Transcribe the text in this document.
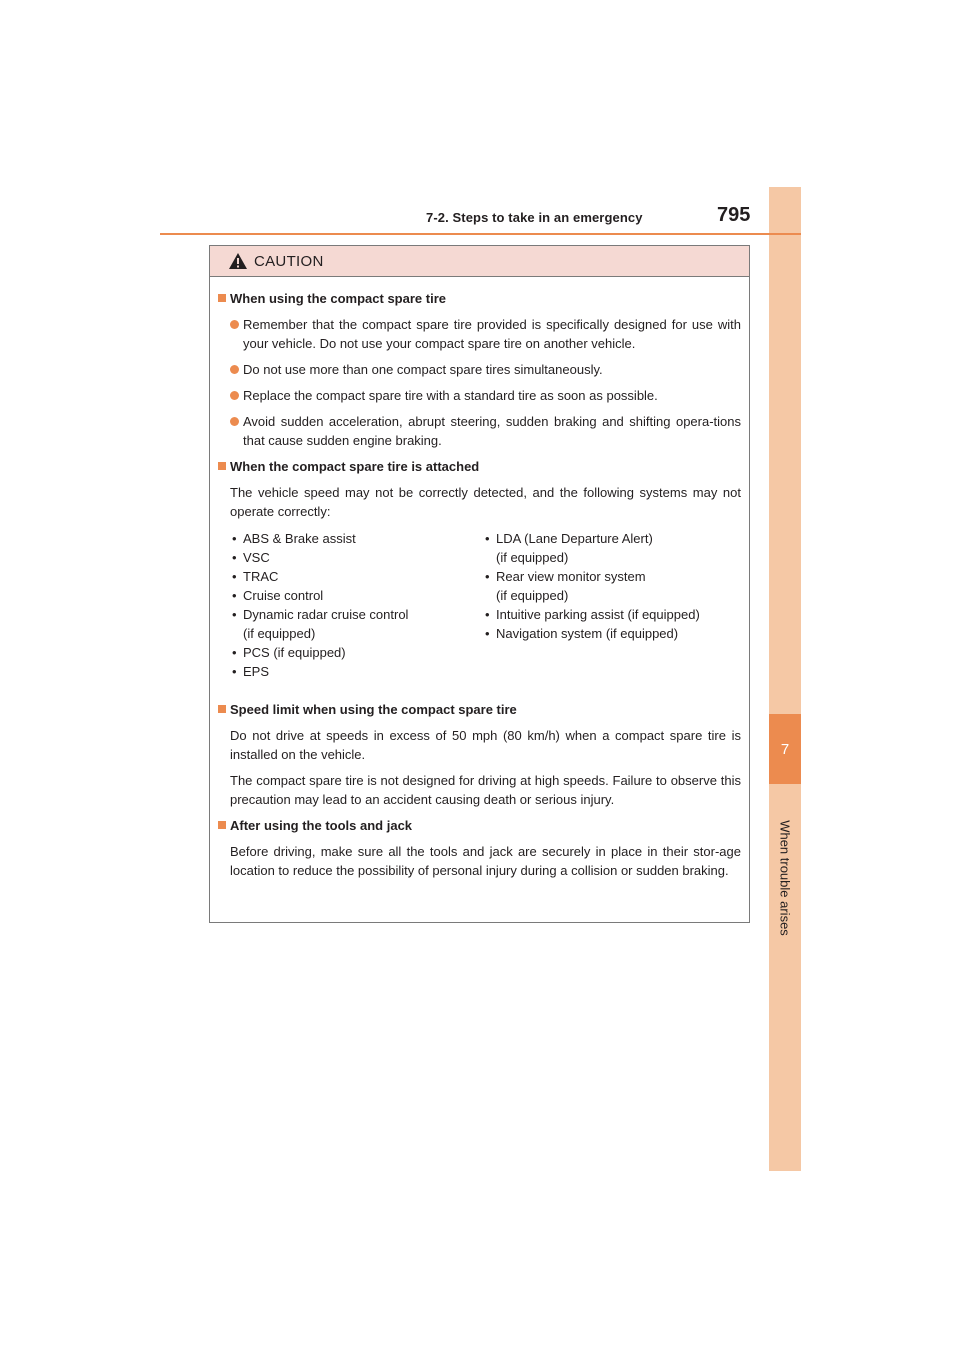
7
When trouble arises
7-2. Steps to take in an emergency	795
CAUTION
When using the compact spare tire
Remember that the compact spare tire provided is specifically designed for use with your vehicle. Do not use your compact spare tire on another vehicle.
Do not use more than one compact spare tires simultaneously.
Replace the compact spare tire with a standard tire as soon as possible.
Avoid sudden acceleration, abrupt steering, sudden braking and shifting opera-tions that cause sudden engine braking.
When the compact spare tire is attached
The vehicle speed may not be correctly detected, and the following systems may not operate correctly:
• ABS & Brake assist
• VSC
• TRAC
• Cruise control
• Dynamic radar cruise control
(if equipped)
• PCS (if equipped)
• EPS
• LDA (Lane Departure Alert)
(if equipped)
• Rear view monitor system
(if equipped)
• Intuitive parking assist (if equipped)
• Navigation system (if equipped)
Speed limit when using the compact spare tire
Do not drive at speeds in excess of 50 mph (80 km/h) when a compact spare tire is installed on the vehicle.
The compact spare tire is not designed for driving at high speeds. Failure to observe this precaution may lead to an accident causing death or serious injury.
After using the tools and jack
Before driving, make sure all the tools and jack are securely in place in their stor-age location to reduce the possibility of personal injury during a collision or sudden braking.
